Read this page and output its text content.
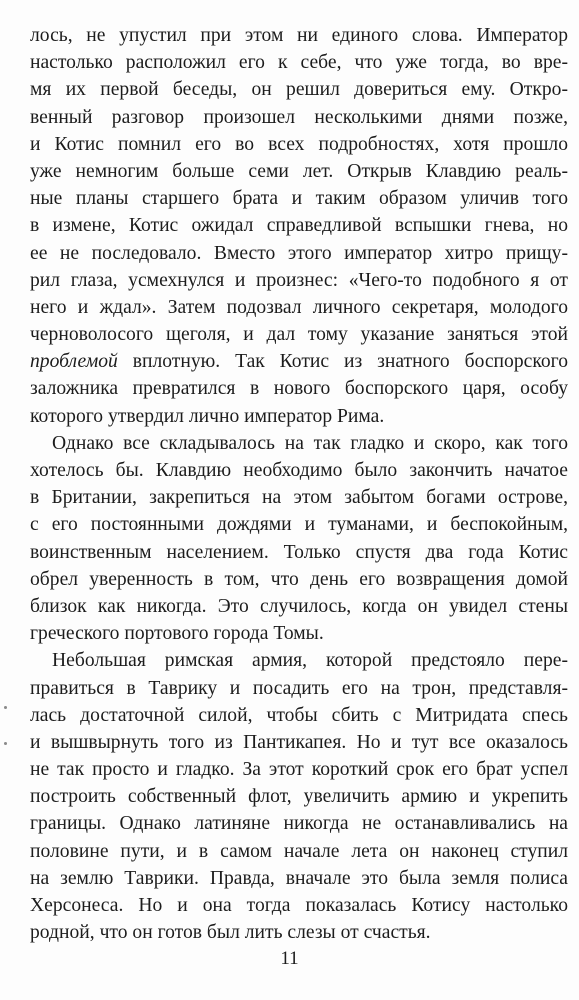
лось, не упустил при этом ни единого слова. Император
настолько расположил его к себе, что уже тогда, во вре-
мя их первой беседы, он решил довериться ему. Откро-
венный разговор произошел несколькими днями позже,
и Котис помнил его во всех подробностях, хотя прошло
уже немногим больше семи лет. Открыв Клавдию реаль-
ные планы старшего брата и таким образом уличив того
в измене, Котис ожидал справедливой вспышки гнева, но
ее не последовало. Вместо этого император хитро прищу-
рил глаза, усмехнулся и произнес: «Чего-то подобного я от
него и ждал». Затем подозвал личного секретаря, молодого
черноволосого щеголя, и дал тому указание заняться этой
проблемой вплотную. Так Котис из знатного боспорского
заложника превратился в нового боспорского царя, особу
которого утвердил лично император Рима.
Однако все складывалось на так гладко и скоро, как того
хотелось бы. Клавдию необходимо было закончить начатое
в Британии, закрепиться на этом забытом богами острове,
с его постоянными дождями и туманами, и беспокойным,
воинственным населением. Только спустя два года Котис
обрел уверенность в том, что день его возвращения домой
близок как никогда. Это случилось, когда он увидел стены
греческого портового города Томы.
Небольшая римская армия, которой предстояло пере-
правиться в Таврику и посадить его на трон, представля-
лась достаточной силой, чтобы сбить с Митридата спесь
и вышвырнуть того из Пантикапея. Но и тут все оказалось
не так просто и гладко. За этот короткий срок его брат успел
построить собственный флот, увеличить армию и укрепить
границы. Однако латиняне никогда не останавливались на
половине пути, и в самом начале лета он наконец ступил
на землю Таврики. Правда, вначале это была земля полиса
Херсонеса. Но и она тогда показалась Котису настолько
родной, что он готов был лить слезы от счастья.
11
